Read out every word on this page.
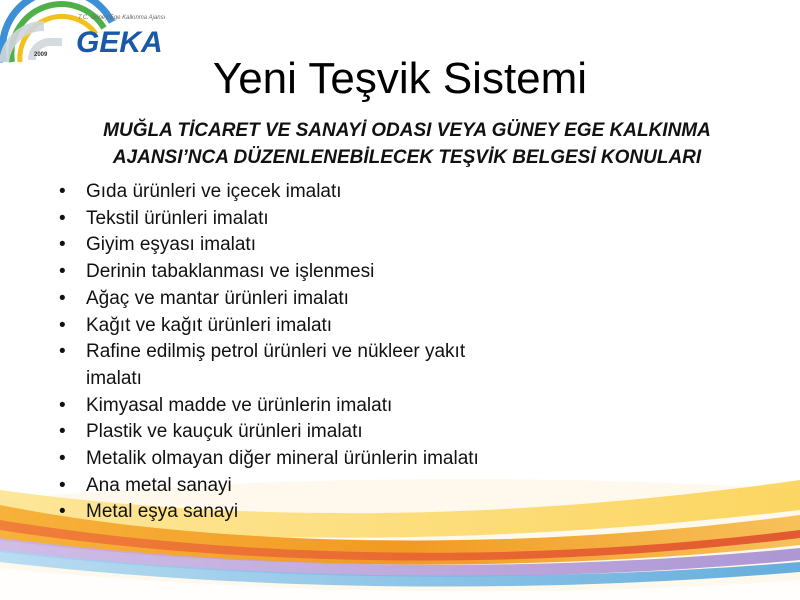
T.C. Güney Ege Kalkınma Ajansı
2009 GEKA
Yeni Teşvik Sistemi
MUĞLA TİCARET VE SANAYİ ODASI VEYA GÜNEY EGE KALKINMA AJANSI’NCA DÜZENLENEBİLECEK TEŞVİK BELGESİ KONULARI
• Gıda ürünleri ve içecek imalatı
• Tekstil ürünleri imalatı
• Giyim eşyası imalatı
• Derinin tabaklanması ve işlenmesi
• Ağaç ve mantar ürünleri imalatı
• Kağıt ve kağıt ürünleri imalatı
• Rafine edilmiş petrol ürünleri ve nükleer yakıt imalatı
• Kimyasal madde ve ürünlerin imalatı
• Plastik ve kauçuk ürünleri imalatı
• Metalik olmayan diğer mineral ürünlerin imalatı
• Ana metal sanayi
• Metal eşya sanayi
